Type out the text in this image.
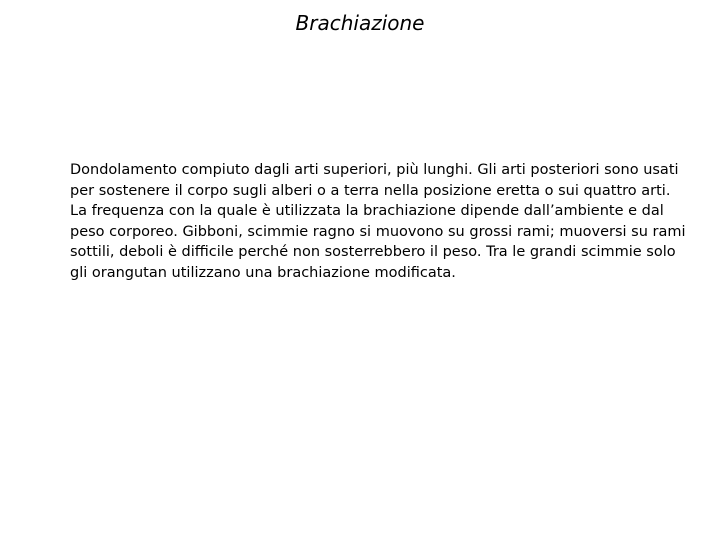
Brachiazione

Dondolamento compiuto dagli arti superiori, più lunghi. Gli arti posteriori sono usati per sostenere il corpo sugli alberi o a terra nella posizione eretta o sui quattro arti.

La frequenza con la quale è utilizzata la brachiazione dipende dall’ambiente e dal peso corporeo. Gibboni, scimmie ragno si muovono su grossi rami; muoversi su rami sottili, deboli è difficile perché non sosterrebbero il peso. Tra le grandi scimmie solo gli orangutan utilizzano una brachiazione modificata.
